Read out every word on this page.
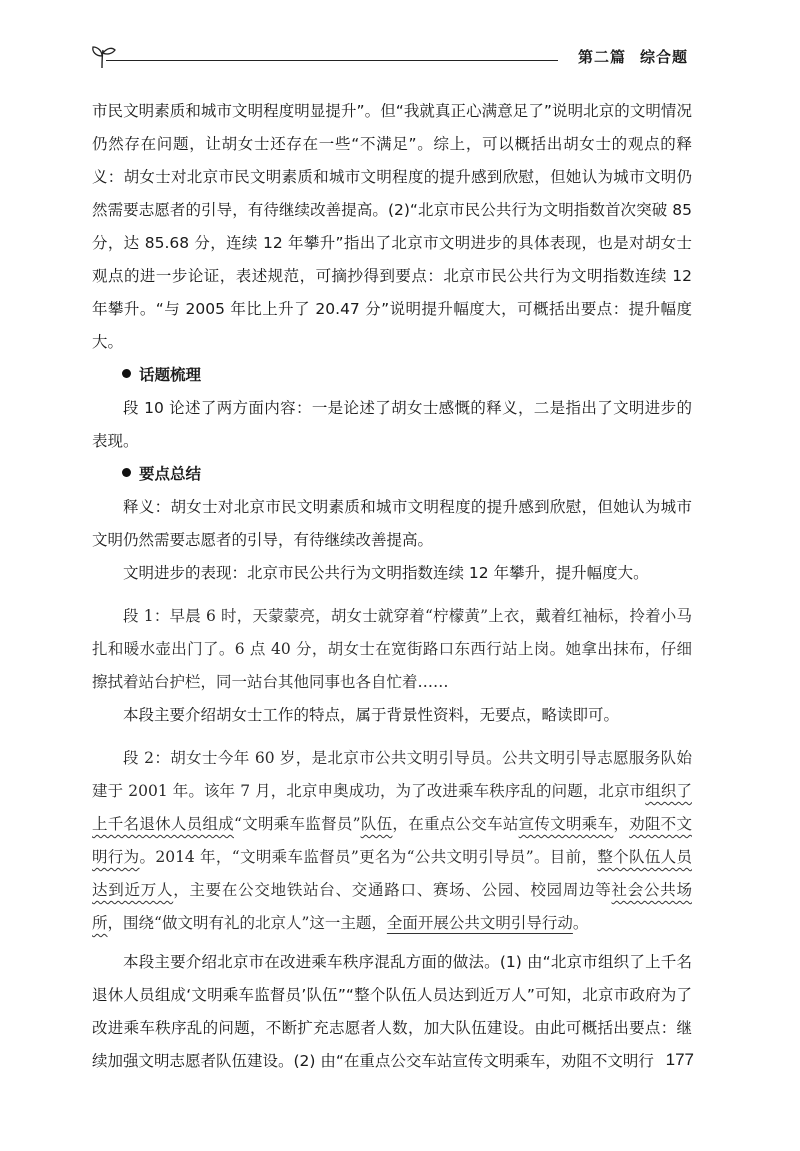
第二篇 综合题

市民文明素质和城市文明程度明显提升”。但“我就真正心满意足了”说明北京的文明情况仍然存在问题，让胡女士还存在一些“不满足”。综上，可以概括出胡女士的观点的释义：胡女士对北京市民文明素质和城市文明程度的提升感到欣慰，但她认为城市文明仍然需要志愿者的引导，有待继续改善提高。(2)“北京市民公共行为文明指数首次突破 85 分，达 85.68 分，连续 12 年攀升”指出了北京市文明进步的具体表现，也是对胡女士观点的进一步论证，表述规范，可摘抄得到要点：北京市民公共行为文明指数连续 12 年攀升。“与 2005 年比上升了 20.47 分”说明提升幅度大，可概括出要点：提升幅度大。

话题梳理

段 10 论述了两方面内容：一是论述了胡女士感慨的释义，二是指出了文明进步的表现。

要点总结

释义：胡女士对北京市民文明素质和城市文明程度的提升感到欣慰，但她认为城市文明仍然需要志愿者的引导，有待继续改善提高。

文明进步的表现：北京市民公共行为文明指数连续 12 年攀升，提升幅度大。

段 1：早晨 6 时，天蒙蒙亮，胡女士就穿着“柠檬黄”上衣，戴着红袖标，拎着小马扎和暖水壶出门了。6 点 40 分，胡女士在宽街路口东西行站上岗。她拿出抹布，仔细擦拭着站台护栏，同一站台其他同事也各自忙着……

本段主要介绍胡女士工作的特点，属于背景性资料，无要点，略读即可。

段 2：胡女士今年 60 岁，是北京市公共文明引导员。公共文明引导志愿服务队始建于 2001 年。该年 7 月，北京申奥成功，为了改进乘车秩序乱的问题，北京市组织了上千名退休人员组成“文明乘车监督员”队伍，在重点公交车站宣传文明乘车，劝阻不文明行为。2014 年，“文明乘车监督员”更名为“公共文明引导员”。目前，整个队伍人员达到近万人，主要在公交地铁站台、交通路口、赛场、公园、校园周边等社会公共场所，围绕“做文明有礼的北京人”这一主题，全面开展公共文明引导行动。

本段主要介绍北京市在改进乘车秩序混乱方面的做法。(1) 由“北京市组织了上千名退休人员组成‘文明乘车监督员’队伍”“整个队伍人员达到近万人”可知，北京市政府为了改进乘车秩序乱的问题，不断扩充志愿者人数，加大队伍建设。由此可概括出要点：继续加强文明志愿者队伍建设。(2) 由“在重点公交车站宣传文明乘车，劝阻不文明行 177
